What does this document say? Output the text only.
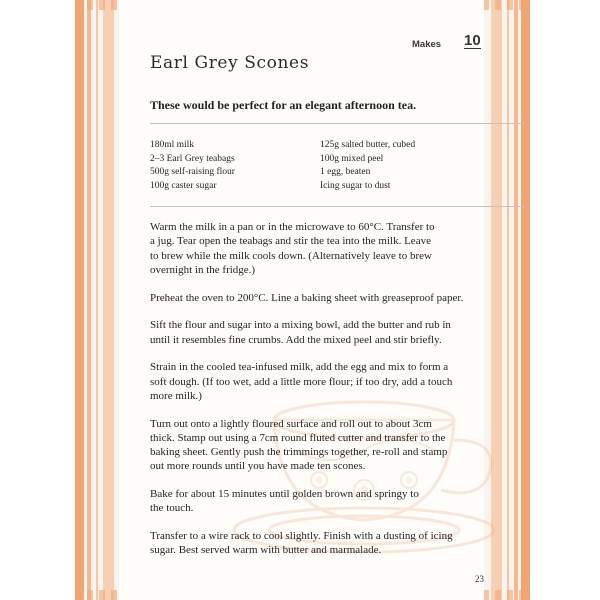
Makes 10
Earl Grey Scones
These would be perfect for an elegant afternoon tea.
180ml milk
2–3 Earl Grey teabags
500g self-raising flour
100g caster sugar
125g salted butter, cubed
100g mixed peel
1 egg, beaten
Icing sugar to dust
Warm the milk in a pan or in the microwave to 60°C. Transfer to
a jug. Tear open the teabags and stir the tea into the milk. Leave
to brew while the milk cools down. (Alternatively leave to brew
overnight in the fridge.)
Preheat the oven to 200°C. Line a baking sheet with greaseproof paper.
Sift the flour and sugar into a mixing bowl, add the butter and rub in
until it resembles fine crumbs. Add the mixed peel and stir briefly.
Strain in the cooled tea-infused milk, add the egg and mix to form a
soft dough. (If too wet, add a little more flour; if too dry, add a touch
more milk.)
Turn out onto a lightly floured surface and roll out to about 3cm
thick. Stamp out using a 7cm round fluted cutter and transfer to the
baking sheet. Gently push the trimmings together, re-roll and stamp
out more rounds until you have made ten scones.
Bake for about 15 minutes until golden brown and springy to
the touch.
Transfer to a wire rack to cool slightly. Finish with a dusting of icing
sugar. Best served warm with butter and marmalade.
23
